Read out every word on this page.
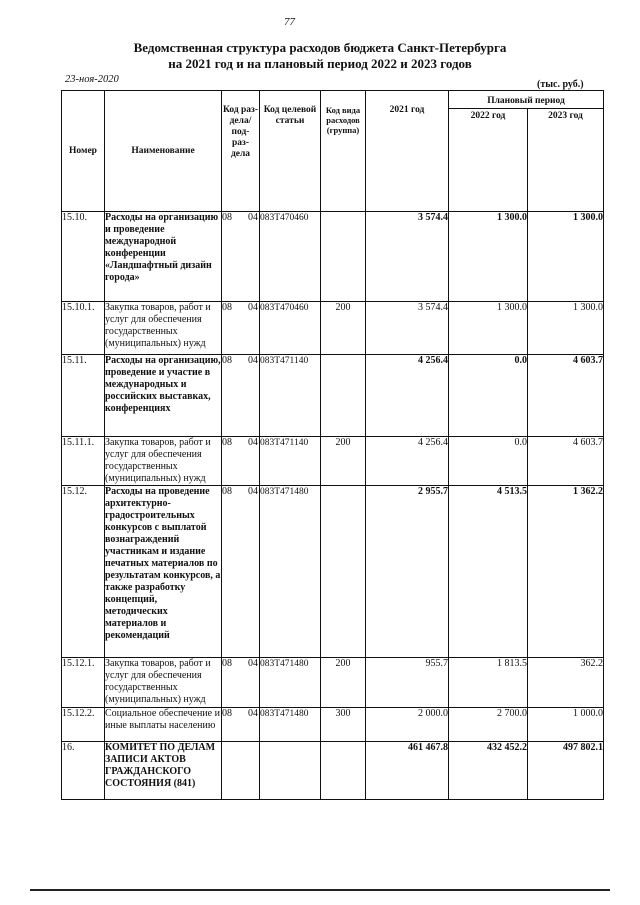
77
Ведомственная структура расходов бюджета Санкт-Петербурга
на 2021 год и на плановый период 2022 и 2023 годов
23-ноя-2020	(тыс. руб.)
Номер	Наименование	Код раз- дела/ под- раз- дела	Код целевой статьи	Код вида расходов (группа)	2021 год	Плановый период	
						2022 год	2023 год
15.10.	Расходы на организацию и проведение международной конференции «Ландшафтный дизайн города»	08 04	083Т470460		3 574.4	1 300.0	1 300.0
15.10.1.	Закупка товаров, работ и услуг для обеспечения государственных (муниципальных) нужд	08 04	083Т470460	200	3 574.4	1 300.0	1 300.0
15.11.	Расходы на организацию, проведение и участие в международных и российских выставках, конференциях	08 04	083Т471140		4 256.4	0.0	4 603.7
15.11.1.	Закупка товаров, работ и услуг для обеспечения государственных (муниципальных) нужд	08 04	083Т471140	200	4 256.4	0.0	4 603.7
15.12.	Расходы на проведение архитектурно-градостроительных конкурсов с выплатой вознаграждений участникам и издание печатных материалов по результатам конкурсов, а также разработку концепций, методических материалов и рекомендаций	08 04	083Т471480		2 955.7	4 513.5	1 362.2
15.12.1.	Закупка товаров, работ и услуг для обеспечения государственных (муниципальных) нужд	08 04	083Т471480	200	955.7	1 813.5	362.2
15.12.2.	Социальное обеспечение и иные выплаты населению	08 04	083Т471480	300	2 000.0	2 700.0	1 000.0
16.	КОМИТЕТ ПО ДЕЛАМ ЗАПИСИ АКТОВ ГРАЖДАНСКОГО СОСТОЯНИЯ (841)				461 467.8	432 452.2	497 802.1
